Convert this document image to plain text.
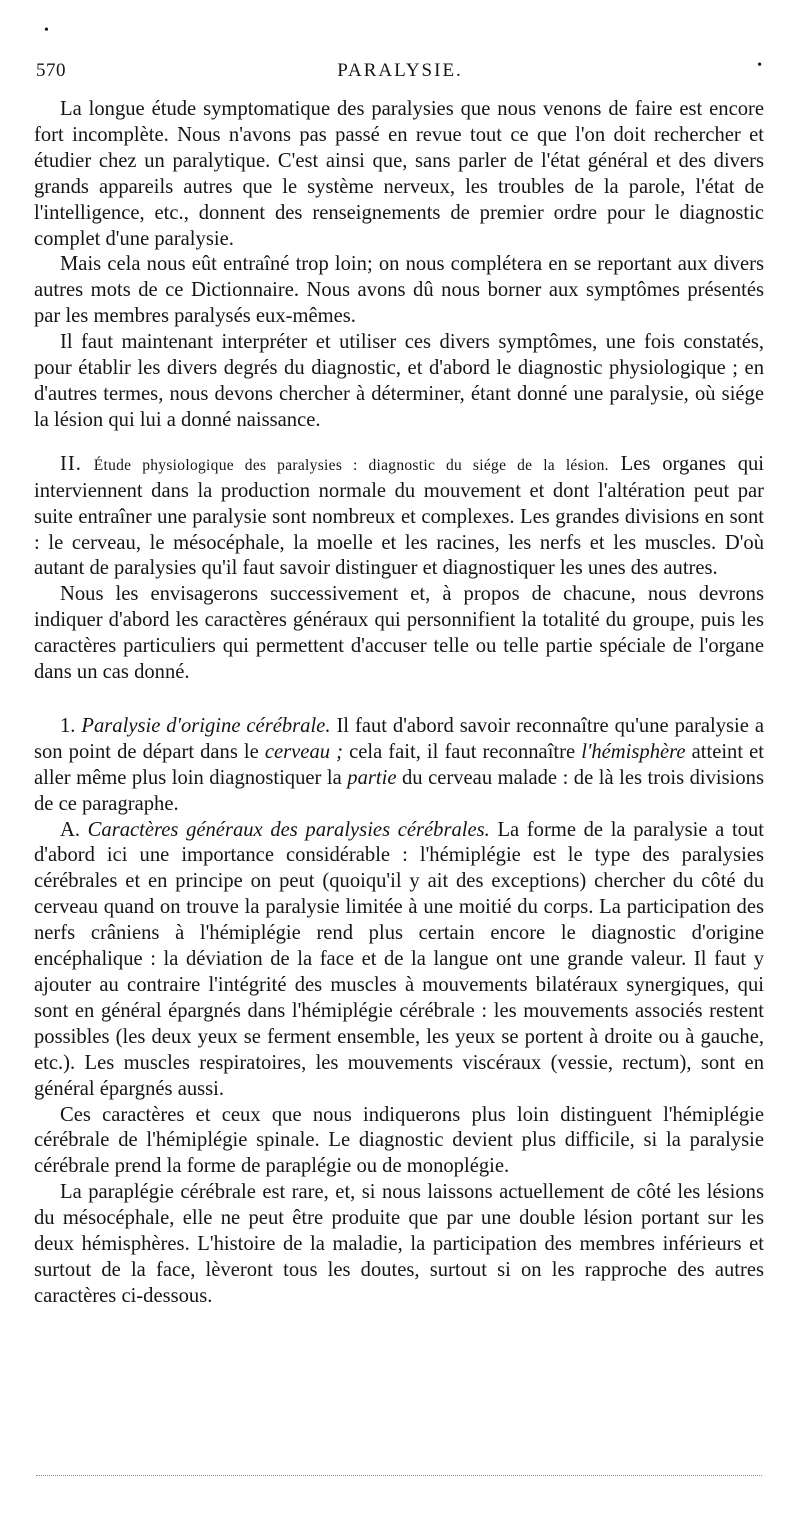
•
570	PARALYSIE.	•

La longue étude symptomatique des paralysies que nous venons de faire est encore fort incomplète. Nous n'avons pas passé en revue tout ce que l'on doit rechercher et étudier chez un paralytique. C'est ainsi que, sans parler de l'état général et des divers grands appareils autres que le système nerveux, les troubles de la parole, l'état de l'intelligence, etc., donnent des renseignements de premier ordre pour le diagnostic complet d'une paralysie.

Mais cela nous eût entraîné trop loin; on nous complétera en se reportant aux divers autres mots de ce Dictionnaire. Nous avons dû nous borner aux symptômes présentés par les membres paralysés eux-mêmes.

Il faut maintenant interpréter et utiliser ces divers symptômes, une fois constatés, pour établir les divers degrés du diagnostic, et d'abord le diagnostic physiologique ; en d'autres termes, nous devons chercher à déterminer, étant donné une paralysie, où siége la lésion qui lui a donné naissance.

II. Étude physiologique des paralysies : diagnostic du siége de la lésion. Les organes qui interviennent dans la production normale du mouvement et dont l'altération peut par suite entraîner une paralysie sont nombreux et complexes. Les grandes divisions en sont : le cerveau, le mésocéphale, la moelle et les racines, les nerfs et les muscles. D'où autant de paralysies qu'il faut savoir distinguer et diagnostiquer les unes des autres.

Nous les envisagerons successivement et, à propos de chacune, nous devrons indiquer d'abord les caractères généraux qui personnifient la totalité du groupe, puis les caractères particuliers qui permettent d'accuser telle ou telle partie spéciale de l'organe dans un cas donné.

1. Paralysie d'origine cérébrale. Il faut d'abord savoir reconnaître qu'une paralysie a son point de départ dans le cerveau ; cela fait, il faut reconnaître l'hémisphère atteint et aller même plus loin diagnostiquer la partie du cerveau malade : de là les trois divisions de ce paragraphe.

A. Caractères généraux des paralysies cérébrales. La forme de la paralysie a tout d'abord ici une importance considérable : l'hémiplégie est le type des paralysies cérébrales et en principe on peut (quoiqu'il y ait des exceptions) chercher du côté du cerveau quand on trouve la paralysie limitée à une moitié du corps. La participation des nerfs crâniens à l'hémiplégie rend plus certain encore le diagnostic d'origine encéphalique : la déviation de la face et de la langue ont une grande valeur. Il faut y ajouter au contraire l'intégrité des muscles à mouvements bilatéraux synergiques, qui sont en général épargnés dans l'hémiplégie cérébrale : les mouvements associés restent possibles (les deux yeux se ferment ensemble, les yeux se portent à droite ou à gauche, etc.). Les muscles respiratoires, les mouvements viscéraux (vessie, rectum), sont en général épargnés aussi.

Ces caractères et ceux que nous indiquerons plus loin distinguent l'hémiplégie cérébrale de l'hémiplégie spinale. Le diagnostic devient plus difficile, si la paralysie cérébrale prend la forme de paraplégie ou de monoplégie.

La paraplégie cérébrale est rare, et, si nous laissons actuellement de côté les lésions du mésocéphale, elle ne peut être produite que par une double lésion portant sur les deux hémisphères. L'histoire de la maladie, la participation des membres inférieurs et surtout de la face, lèveront tous les doutes, surtout si on les rapproche des autres caractères ci-dessous.
